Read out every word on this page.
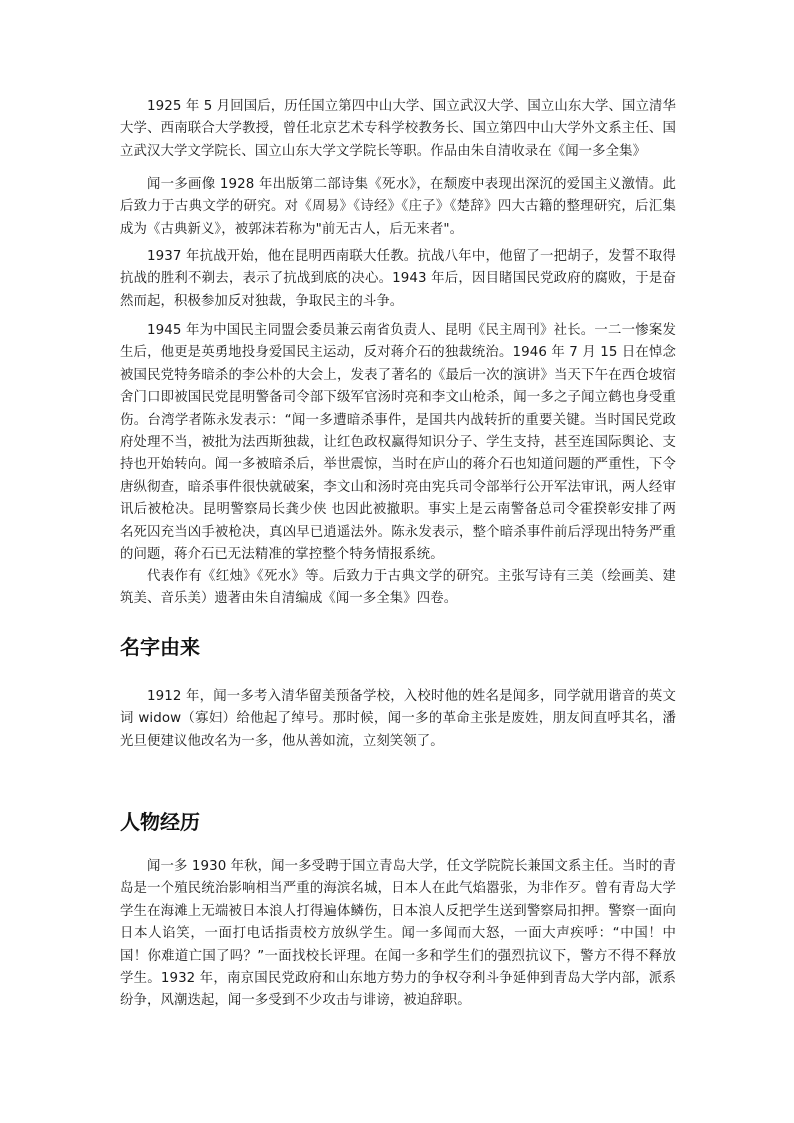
1925 年 5 月回国后，历任国立第四中山大学、国立武汉大学、国立山东大学、国立清华大学、西南联合大学教授，曾任北京艺术专科学校教务长、国立第四中山大学外文系主任、国立武汉大学文学院长、国立山东大学文学院长等职。作品由朱自清收录在《闻一多全集》

闻一多画像 1928 年出版第二部诗集《死水》，在颓废中表现出深沉的爱国主义激情。此后致力于古典文学的研究。对《周易》《诗经》《庄子》《楚辞》四大古籍的整理研究，后汇集成为《古典新义》，被郭沫若称为"前无古人，后无来者"。

1937 年抗战开始，他在昆明西南联大任教。抗战八年中，他留了一把胡子，发誓不取得抗战的胜利不剃去，表示了抗战到底的决心。1943 年后，因目睹国民党政府的腐败，于是奋然而起，积极参加反对独裁，争取民主的斗争。

1945 年为中国民主同盟会委员兼云南省负责人、昆明《民主周刊》社长。一二一惨案发生后，他更是英勇地投身爱国民主运动，反对蒋介石的独裁统治。1946 年 7 月 15 日在悼念被国民党特务暗杀的李公朴的大会上，发表了著名的《最后一次的演讲》当天下午在西仓坡宿舍门口即被国民党昆明警备司令部下级军官汤时亮和李文山枪杀，闻一多之子闻立鹤也身受重伤。台湾学者陈永发表示：“闻一多遭暗杀事件，是国共内战转折的重要关键。当时国民党政府处理不当，被批为法西斯独裁，让红色政权赢得知识分子、学生支持，甚至连国际舆论、支持也开始转向。闻一多被暗杀后，举世震惊，当时在庐山的蒋介石也知道问题的严重性，下令唐纵彻查，暗杀事件很快就破案，李文山和汤时亮由宪兵司令部举行公开军法审讯，两人经审讯后被枪决。昆明警察局长龚少侠 也因此被撤职。事实上是云南警备总司令霍揆彰安排了两名死囚充当凶手被枪决，真凶早已逍遥法外。陈永发表示，整个暗杀事件前后浮现出特务严重的问题，蒋介石已无法精准的掌控整个特务情报系统。

代表作有《红烛》《死水》等。后致力于古典文学的研究。主张写诗有三美（绘画美、建筑美、音乐美）遗著由朱自清编成《闻一多全集》四卷。

名字由来

1912 年，闻一多考入清华留美预备学校，入校时他的姓名是闻多，同学就用谐音的英文词 widow（寡妇）给他起了绰号。那时候，闻一多的革命主张是废姓，朋友间直呼其名，潘光旦便建议他改名为一多，他从善如流，立刻笑领了。

人物经历

闻一多 1930 年秋，闻一多受聘于国立青岛大学，任文学院院长兼国文系主任。当时的青岛是一个殖民统治影响相当严重的海滨名城，日本人在此气焰嚣张，为非作歹。曾有青岛大学学生在海滩上无端被日本浪人打得遍体鳞伤，日本浪人反把学生送到警察局扣押。警察一面向日本人谄笑，一面打电话指责校方放纵学生。闻一多闻而大怒，一面大声疾呼：“中国！中国！你难道亡国了吗？”一面找校长评理。在闻一多和学生们的强烈抗议下，警方不得不释放学生。1932 年，南京国民党政府和山东地方势力的争权夺利斗争延伸到青岛大学内部，派系纷争，风潮迭起，闻一多受到不少攻击与诽谤，被迫辞职。
